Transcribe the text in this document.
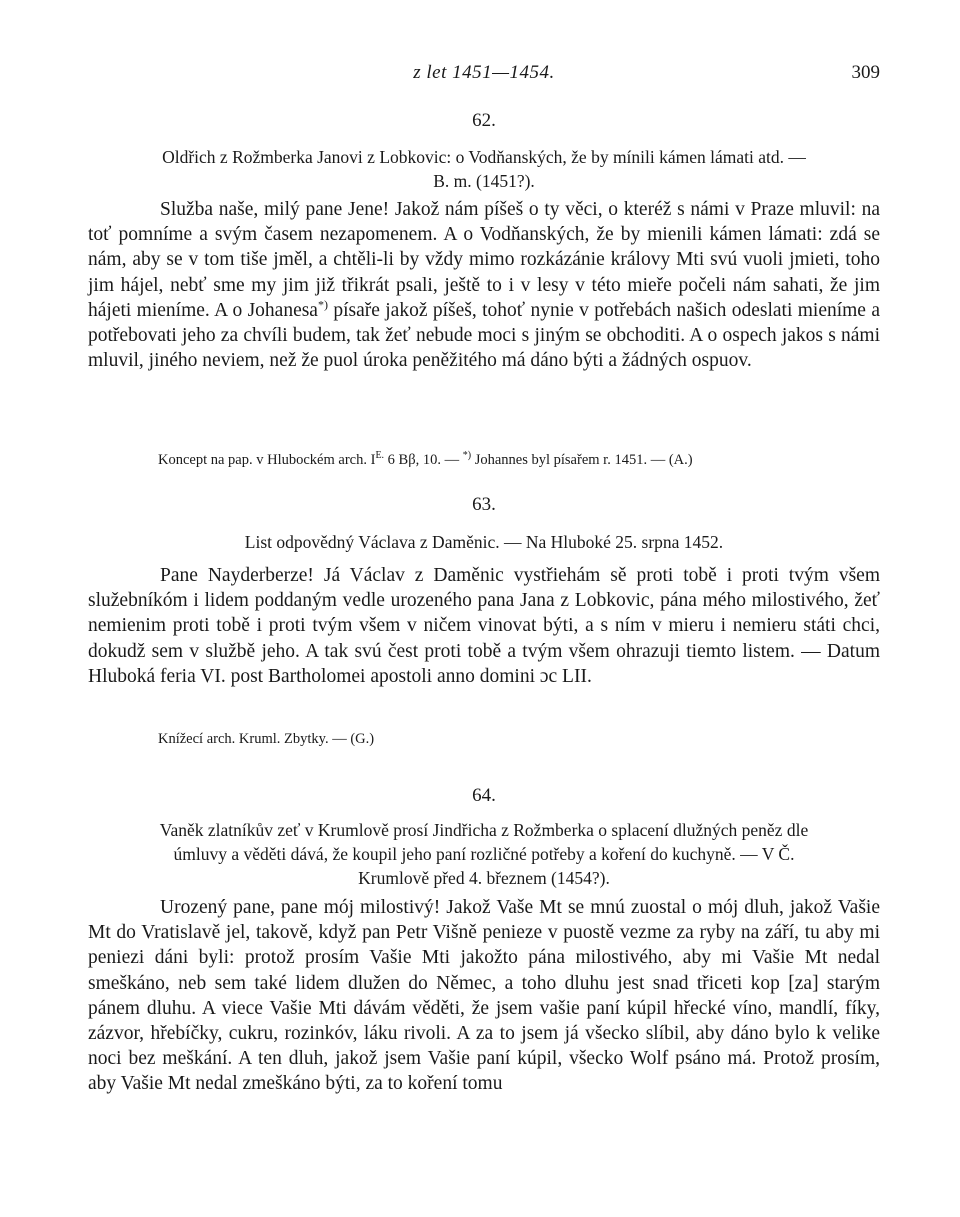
z let 1451—1454.	309
62.
Oldřich z Rožmberka Janovi z Lobkovic: o Vodňanských, že by mínili kámen lámati atd. —
B. m. (1451?).

Služba naše, milý pane Jene! Jakož nám píšeš o ty věci, o kteréž s námi v Praze mluvil: na toť pomníme a svým časem nezapomenem. A o Vodňanských, že by mienili kámen lámati: zdá se nám, aby se v tom tiše jměl, a chtěli-li by vždy mimo rozkázánie královy Mti svú vuoli jmieti, toho jim hájel, nebť sme my jim již třikrát psali, ještě to i v lesy v této mieře počeli nám sahati, že jim hájeti mieníme. A o Johanesa*) písaře jakož píšeš, tohoť nynie v potřebách našich odeslati mieníme a potřebovati jeho za chvíli budem, tak žeť nebude moci s jiným se obchoditi. A o ospech jakos s námi mluvil, jiného neviem, než že puol úroka peněžitého má dáno býti a žádných ospuov.

Koncept na pap. v Hlubockém arch. $I^{E.}$ 6 Bβ, 10. — *) Johannes byl písařem r. 1451. — (A.)
63.
List odpovědný Václava z Daměnic. — Na Hluboké 25. srpna 1452.

Pane Nayderberze! Já Václav z Daměnic vystřiehám sě proti tobě i proti tvým všem služebníkóm i lidem poddaným vedle urozeného pana Jana z Lobkovic, pána mého milostivého, žeť nemienim proti tobě i proti tvým všem v ničem vinovat býti, a s ním v mieru i nemieru státi chci, dokudž sem v službě jeho. A tak svú čest proti tobě a tvým všem ohrazuji tiemto listem. — Datum Hluboká feria VI. post Bartholomei apostoli anno domini ɔc LII.

Knížecí arch. Kruml. Zbytky. — (G.)
64.
Vaněk zlatníkův zeť v Krumlově prosí Jindřicha z Rožmberka o splacení dlužných peněz dle
úmluvy a věděti dává, že koupil jeho paní rozličné potřeby a koření do kuchyně. — V Č.
Krumlově před 4. březnem (1454?).

Urozený pane, pane mój milostivý! Jakož Vaše Mt se mnú zuostal o mój dluh, jakož Vašie Mt do Vratislavě jel, takově, když pan Petr Višně penieze v puostě vezme za ryby na září, tu aby mi peniezi dáni byli: protož prosím Vašie Mti jakožto pána milostivého, aby mi Vašie Mt nedal smeškáno, neb sem také lidem dlužen do Němec, a toho dluhu jest snad třiceti kop [za] starým pánem dluhu. A viece Vašie Mti dávám věděti, že jsem vašie paní kúpil hřecké víno, mandlí, fíky, zázvor, hřebíčky, cukru, rozinkóv, láku rivoli. A za to jsem já všecko slíbil, aby dáno bylo k velike noci bez meškání. A ten dluh, jakož jsem Vašie paní kúpil, všecko Wolf psáno má. Protož prosím, aby Vašie Mt nedal zmeškáno býti, za to koření tomu
